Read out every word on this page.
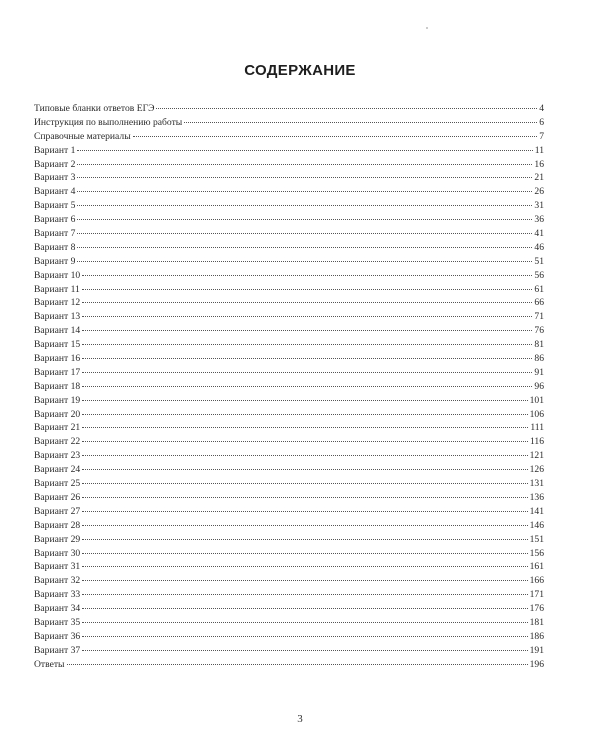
СОДЕРЖАНИЕ
Типовые бланки ответов ЕГЭ	4
Инструкция по выполнению работы	6
Справочные материалы	7
Вариант 1	11
Вариант 2	16
Вариант 3	21
Вариант 4	26
Вариант 5	31
Вариант 6	36
Вариант 7	41
Вариант 8	46
Вариант 9	51
Вариант 10	56
Вариант 11	61
Вариант 12	66
Вариант 13	71
Вариант 14	76
Вариант 15	81
Вариант 16	86
Вариант 17	91
Вариант 18	96
Вариант 19	101
Вариант 20	106
Вариант 21	111
Вариант 22	116
Вариант 23	121
Вариант 24	126
Вариант 25	131
Вариант 26	136
Вариант 27	141
Вариант 28	146
Вариант 29	151
Вариант 30	156
Вариант 31	161
Вариант 32	166
Вариант 33	171
Вариант 34	176
Вариант 35	181
Вариант 36	186
Вариант 37	191
Ответы	196
3
